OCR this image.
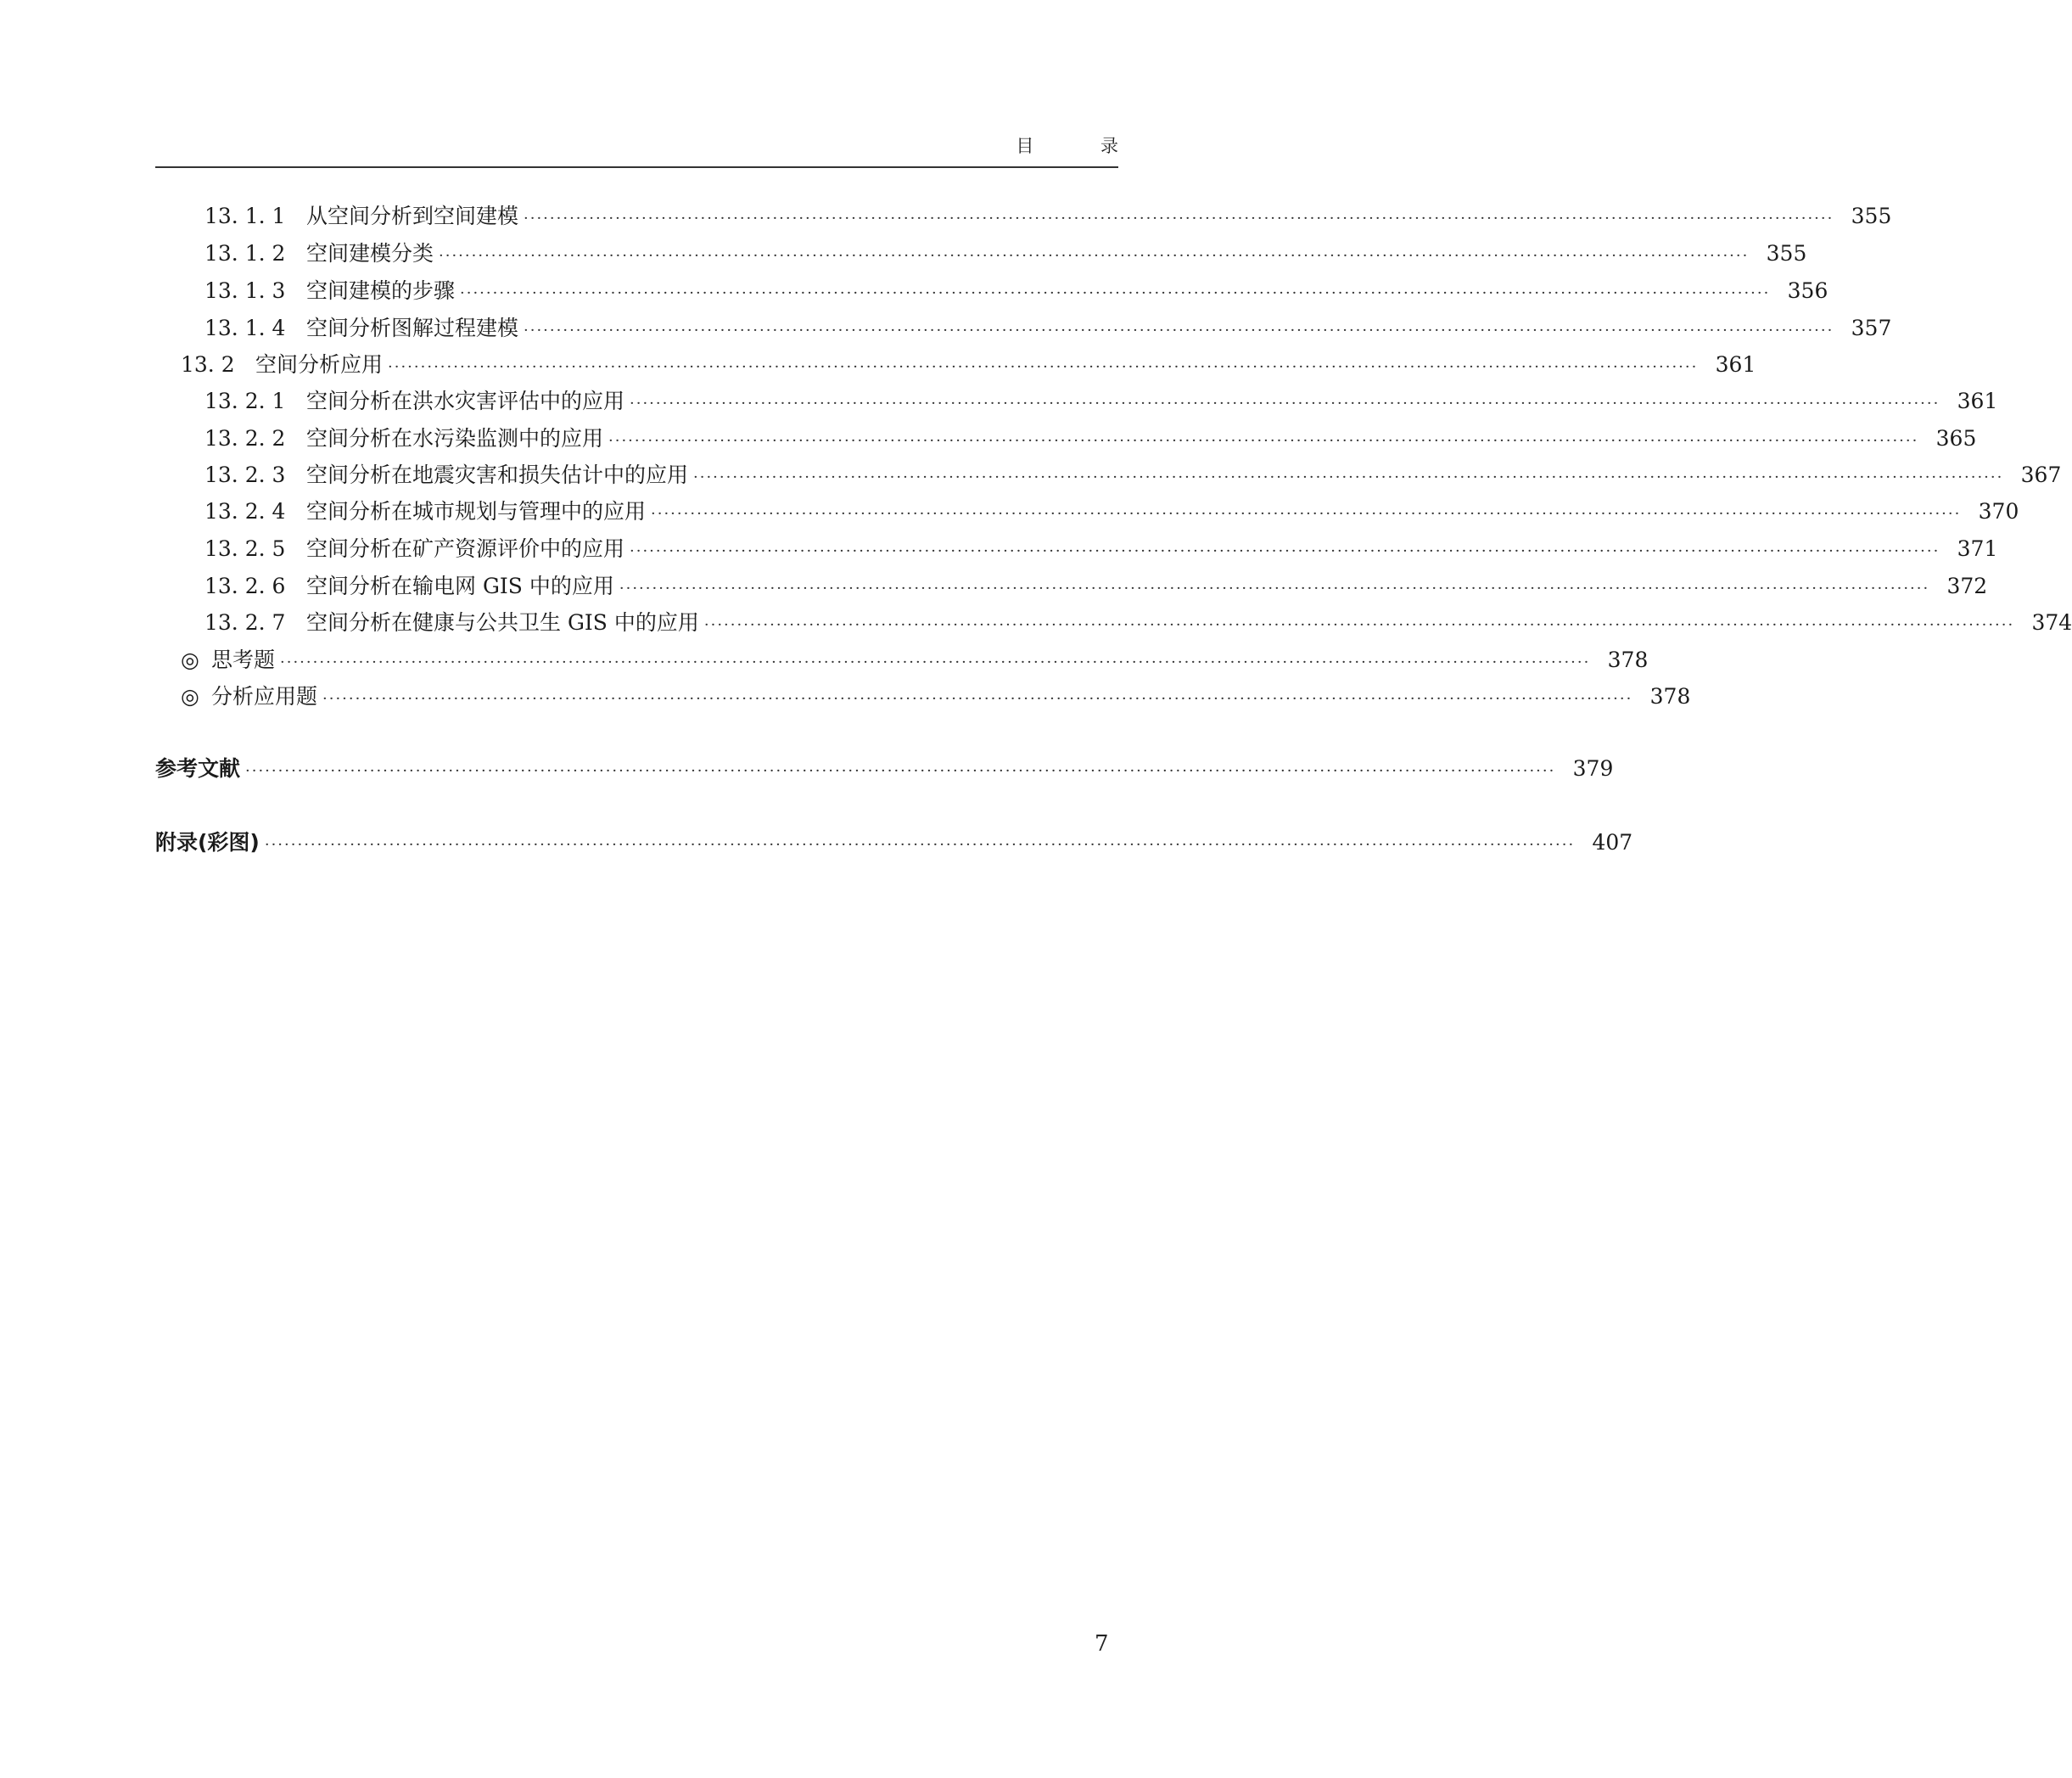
目 录
13. 1. 1 从空间分析到空间建模 ········································································································································································································ 355
13. 1. 2 空间建模分类 ········································································································································································································ 355
13. 1. 3 空间建模的步骤 ········································································································································································································ 356
13. 1. 4 空间分析图解过程建模 ········································································································································································································ 357
13. 2 空间分析应用 ········································································································································································································ 361
13. 2. 1 空间分析在洪水灾害评估中的应用 ········································································································································································································ 361
13. 2. 2 空间分析在水污染监测中的应用 ········································································································································································································ 365
13. 2. 3 空间分析在地震灾害和损失估计中的应用 ········································································································································································································ 367
13. 2. 4 空间分析在城市规划与管理中的应用 ········································································································································································································ 370
13. 2. 5 空间分析在矿产资源评价中的应用 ········································································································································································································ 371
13. 2. 6 空间分析在输电网 GIS 中的应用 ········································································································································································································ 372
13. 2. 7 空间分析在健康与公共卫生 GIS 中的应用 ········································································································································································································ 374
◎ 思考题 ········································································································································································································ 378
◎ 分析应用题 ········································································································································································································ 378
参考文献 ········································································································································································································ 379
附录(彩图) ········································································································································································································ 407
7
